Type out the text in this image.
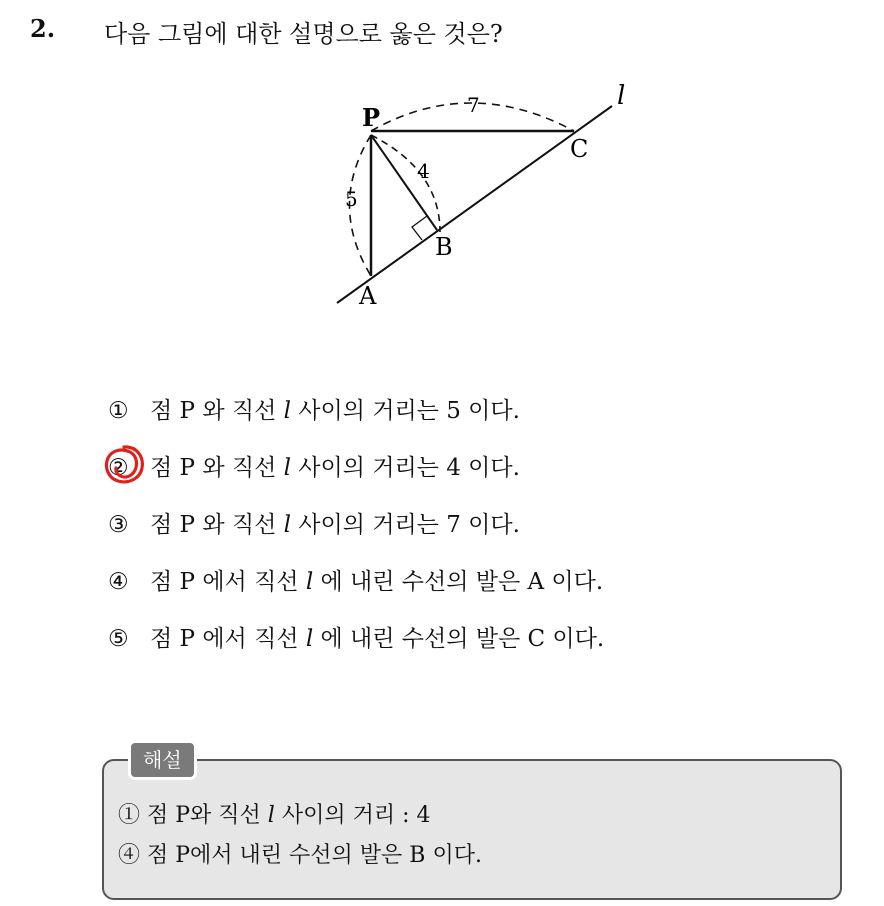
2. 다음 그림에 대한 설명으로 옳은 것은?
P
A
B
C
l
5
4
7
① 점 P 와 직선 l 사이의 거리는 5 이다.
② 점 P 와 직선 l 사이의 거리는 4 이다.
③ 점 P 와 직선 l 사이의 거리는 7 이다.
④ 점 P 에서 직선 l 에 내린 수선의 발은 A 이다.
⑤ 점 P 에서 직선 l 에 내린 수선의 발은 C 이다.
해설
① 점 P와 직선 l 사이의 거리 : 4
④ 점 P에서 내린 수선의 발은 B 이다.
